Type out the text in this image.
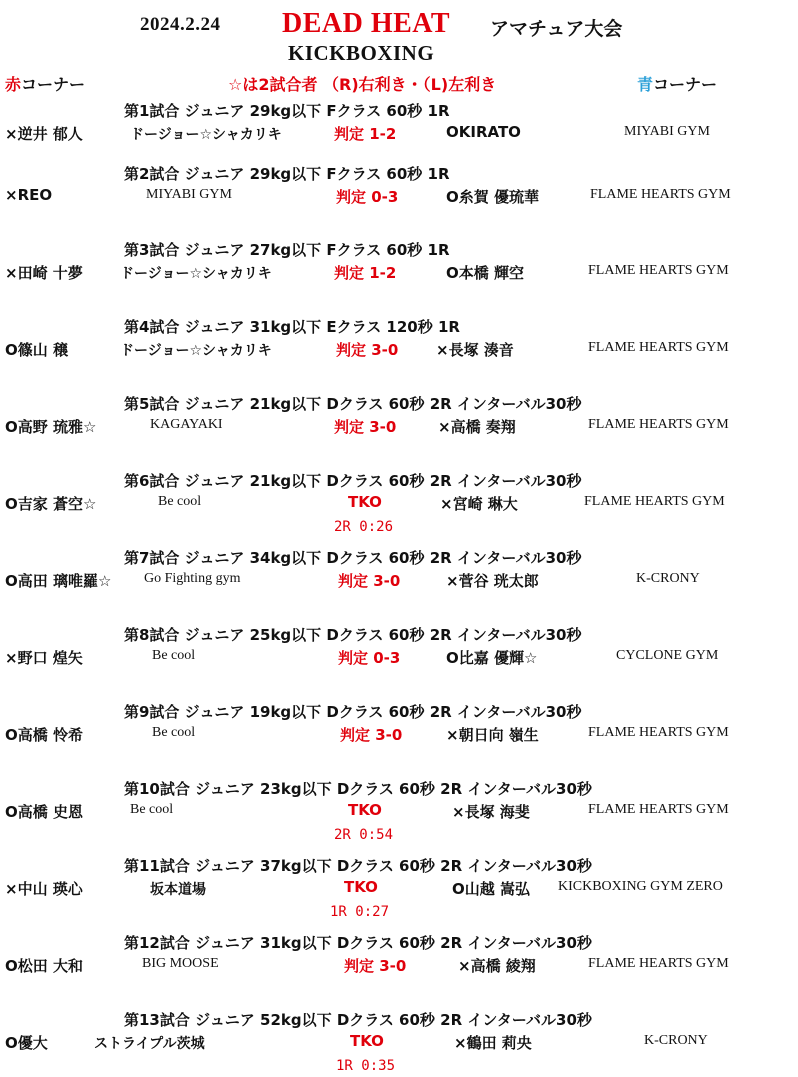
2024.2.24 DEAD HEAT アマチュア大会
KICKBOXING
赤コーナー	☆は2試合者 （R)右利き・（L)左利き	青コーナー
第1試合 ジュニア 29kg以下 Fクラス 60秒 1R
×逆井 郁人	ドージョー☆シャカリキ	判定 1-2	OKIRATO	MIYABI GYM
第2試合 ジュニア 29kg以下 Fクラス 60秒 1R
×REO	MIYABI GYM	判定 0-3	O糸賀 優琉華	FLAME HEARTS GYM
第3試合 ジュニア 27kg以下 Fクラス 60秒 1R
×田崎 十夢	ドージョー☆シャカリキ	判定 1-2	O本橋 輝空	FLAME HEARTS GYM
第4試合 ジュニア 31kg以下 Eクラス 120秒 1R
O篠山 穣	ドージョー☆シャカリキ	判定 3-0	×長塚 湊音	FLAME HEARTS GYM
第5試合 ジュニア 21kg以下 Dクラス 60秒 2R インターバル30秒
O高野 琉雅☆	KAGAYAKI	判定 3-0	×高橋 奏翔	FLAME HEARTS GYM
第6試合 ジュニア 21kg以下 Dクラス 60秒 2R インターバル30秒
O吉家 蒼空☆	Be cool	TKO	×宮崎 琳大	FLAME HEARTS GYM
2R 0:26
第7試合 ジュニア 34kg以下 Dクラス 60秒 2R インターバル30秒
O高田 璃唯羅☆ Go Fighting gym	判定 3-0	×菅谷 珖太郎	K-CRONY
第8試合 ジュニア 25kg以下 Dクラス 60秒 2R インターバル30秒
×野口 煌矢	Be cool	判定 0-3	O比嘉 優輝☆	CYCLONE GYM
第9試合 ジュニア 19kg以下 Dクラス 60秒 2R インターバル30秒
O高橋 怜希	Be cool	判定 3-0	×朝日向 嶺生	FLAME HEARTS GYM
第10試合 ジュニア 23kg以下 Dクラス 60秒 2R インターバル30秒
O高橋 史恩	Be cool	TKO	×長塚 海斐	FLAME HEARTS GYM
2R 0:54
第11試合 ジュニア 37kg以下 Dクラス 60秒 2R インターバル30秒
×中山 瑛心	坂本道場	TKO	O山越 嵩弘 KICKBOXING GYM ZERO
1R 0:27
第12試合 ジュニア 31kg以下 Dクラス 60秒 2R インターバル30秒
O松田 大和	BIG MOOSE	判定 3-0	×高橋 綾翔	FLAME HEARTS GYM
第13試合 ジュニア 52kg以下 Dクラス 60秒 2R インターバル30秒
O優大	ストライプル茨城	TKO	×鶴田 莉央	K-CRONY
1R 0:35
